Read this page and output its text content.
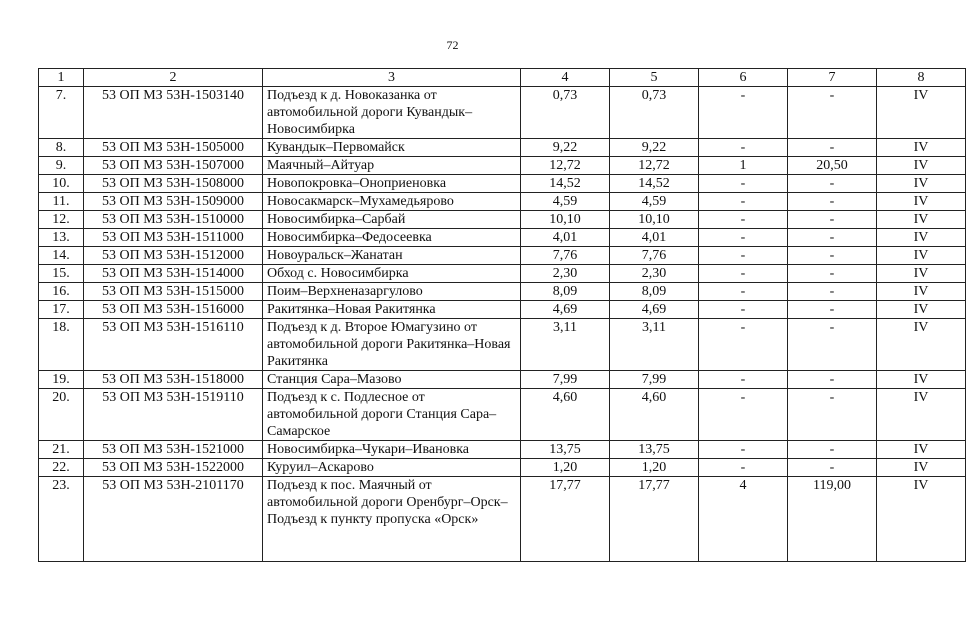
72
1	2	3	4	5	6	7	8
7.	53 ОП МЗ 53Н-1503140	Подъезд к д. Новоказанка от автомобильной дороги Кувандык–Новосимбирка	0,73	0,73	-	-	IV
8.	53 ОП МЗ 53Н-1505000	Кувандык–Первомайск	9,22	9,22	-	-	IV
9.	53 ОП МЗ 53Н-1507000	Маячный–Айтуар	12,72	12,72	1	20,50	IV
10.	53 ОП МЗ 53Н-1508000	Новопокровка–Оноприеновка	14,52	14,52	-	-	IV
11.	53 ОП МЗ 53Н-1509000	Новосакмарск–Мухамедьярово	4,59	4,59	-	-	IV
12.	53 ОП МЗ 53Н-1510000	Новосимбирка–Сарбай	10,10	10,10	-	-	IV
13.	53 ОП МЗ 53Н-1511000	Новосимбирка–Федосеевка	4,01	4,01	-	-	IV
14.	53 ОП МЗ 53Н-1512000	Новоуральск–Жанатан	7,76	7,76	-	-	IV
15.	53 ОП МЗ 53Н-1514000	Обход с. Новосимбирка	2,30	2,30	-	-	IV
16.	53 ОП МЗ 53Н-1515000	Поим–Верхненазаргулово	8,09	8,09	-	-	IV
17.	53 ОП МЗ 53Н-1516000	Ракитянка–Новая Ракитянка	4,69	4,69	-	-	IV
18.	53 ОП МЗ 53Н-1516110	Подъезд к д. Второе Юмагузино от автомобильной дороги Ракитянка–Новая Ракитянка	3,11	3,11	-	-	IV
19.	53 ОП МЗ 53Н-1518000	Станция Сара–Мазово	7,99	7,99	-	-	IV
20.	53 ОП МЗ 53Н-1519110	Подъезд к с. Подлесное от автомобильной дороги Станция Сара–Самарское	4,60	4,60	-	-	IV
21.	53 ОП МЗ 53Н-1521000	Новосимбирка–Чукари–Ивановка	13,75	13,75	-	-	IV
22.	53 ОП МЗ 53Н-1522000	Куруил–Аскарово	1,20	1,20	-	-	IV
23.	53 ОП МЗ 53Н-2101170	Подъезд к пос. Маячный от автомобильной дороги Оренбург–Орск–Подъезд к пункту пропуска «Орск»	17,77	17,77	4	119,00	IV
